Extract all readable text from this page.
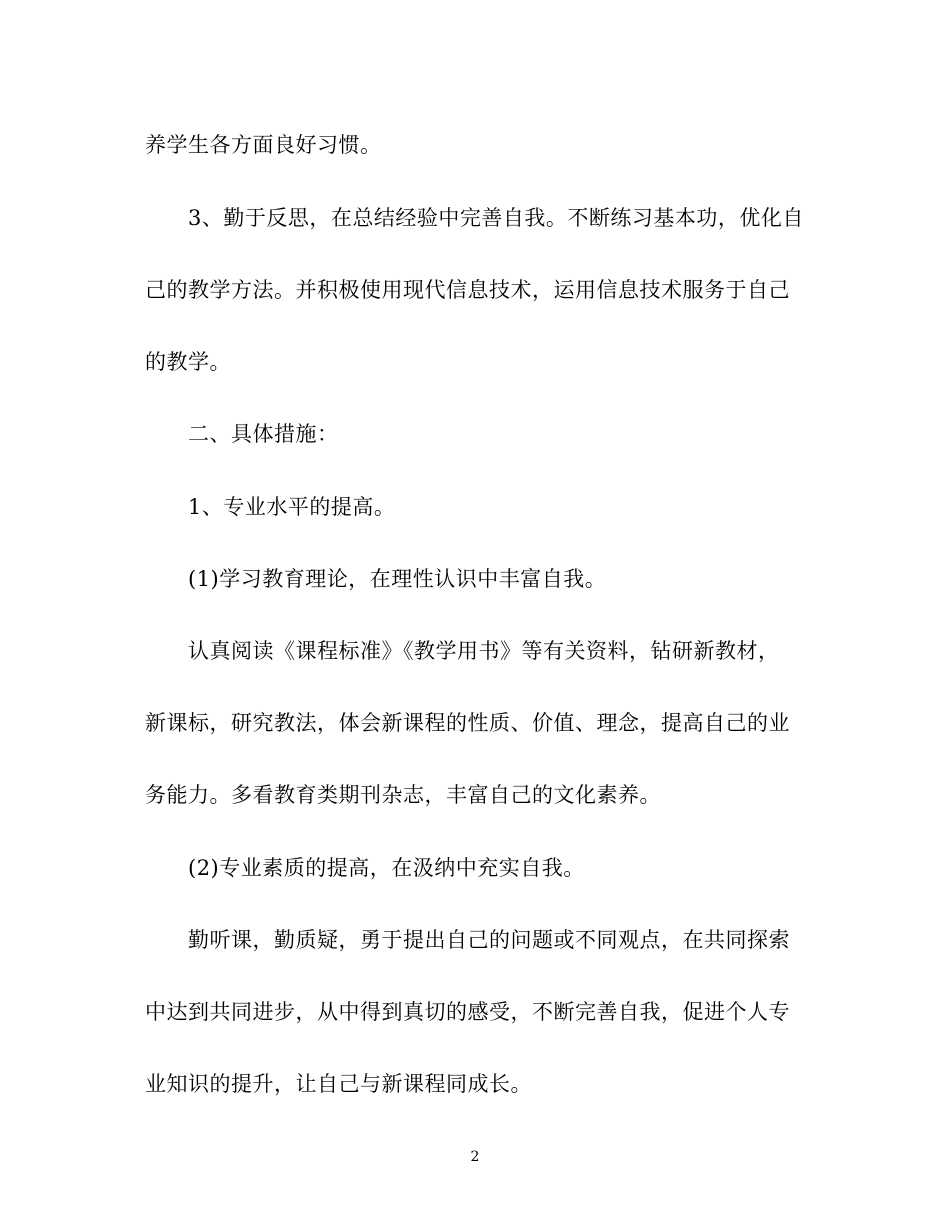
养学生各方面良好习惯。
3、勤于反思，在总结经验中完善自我。不断练习基本功，优化自
己的教学方法。并积极使用现代信息技术，运用信息技术服务于自己
的教学。
二、具体措施：
1、专业水平的提高。
(1)学习教育理论，在理性认识中丰富自我。
认真阅读《课程标准》《教学用书》等有关资料，钻研新教材，
新课标，研究教法，体会新课程的性质、价值、理念，提高自己的业
务能力。多看教育类期刊杂志，丰富自己的文化素养。
(2)专业素质的提高，在汲纳中充实自我。
勤听课，勤质疑，勇于提出自己的问题或不同观点，在共同探索
中达到共同进步，从中得到真切的感受，不断完善自我，促进个人专
业知识的提升，让自己与新课程同成长。
2
